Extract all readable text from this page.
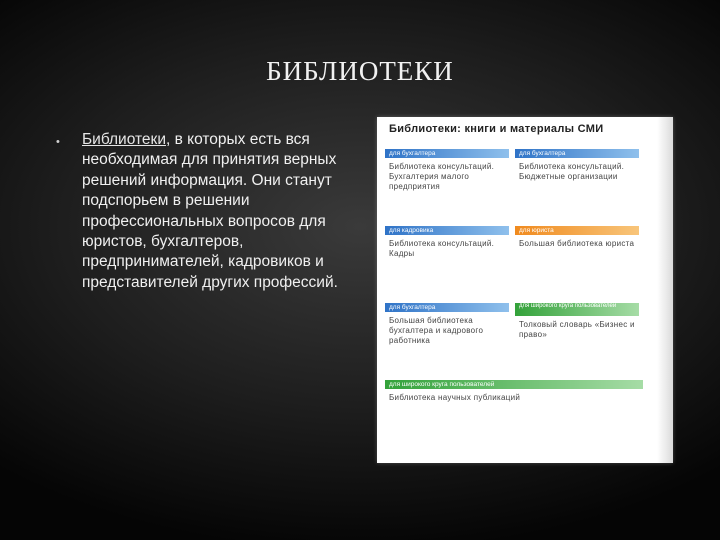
БИБЛИОТЕКИ
• Библиотеки, в которых есть вся необходимая для принятия верных решений информация. Они станут подспорьем в решении профессиональных вопросов для юристов, бухгалтеров, предпринимателей, кадровиков и представителей других профессий.
Библиотеки: книги и материалы СМИ
для бухгалтера
Библиотека консультаций. Бухгалтерия малого предприятия
для бухгалтера
Библиотека консультаций. Бюджетные организации
для кадровика
Библиотека консультаций. Кадры
для юриста
Большая библиотека юриста
для бухгалтера
Большая библиотека бухгалтера и кадрового работника
для широкого круга пользователей
Толковый словарь «Бизнес и право»
для широкого круга пользователей
Библиотека научных публикаций
